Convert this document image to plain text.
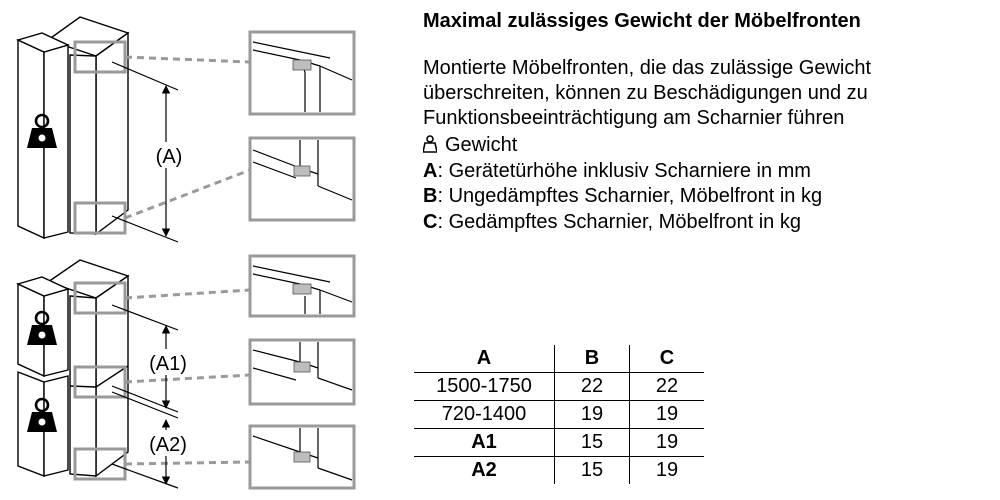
(A)
(A1)
(A2)
Maximal zulässiges Gewicht der Möbelfronten

Montierte Möbelfronten, die das zulässige Gewicht
überschreiten, können zu Beschädigungen und zu
Funktionsbeeinträchtigung am Scharnier führen

Gewicht
A: Gerätetürhöhe inklusiv Scharniere in mm
B: Ungedämpftes Scharnier, Möbelfront in kg
C: Gedämpftes Scharnier, Möbelfront in kg
A	B	C
1500-1750	22	22
720-1400	19	19
A1	15	19
A2	15	19
